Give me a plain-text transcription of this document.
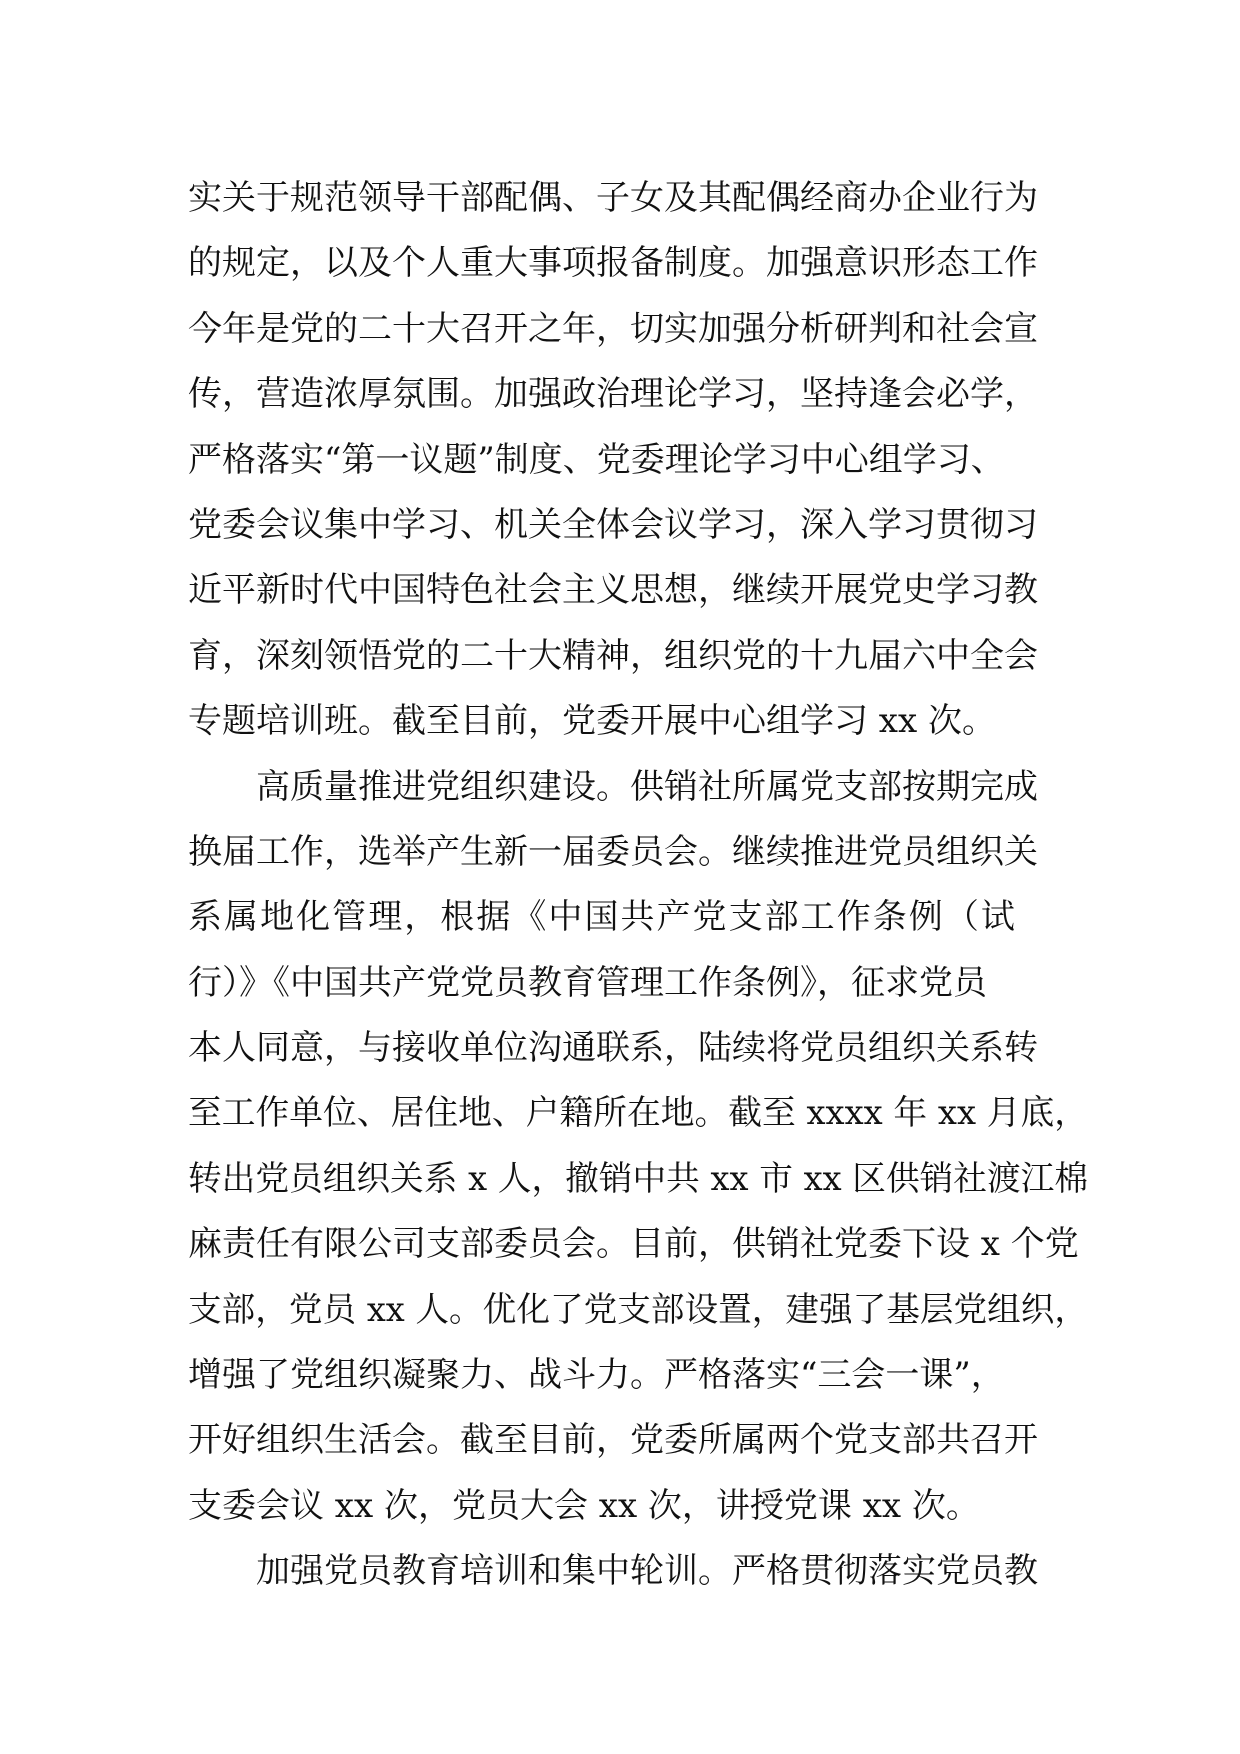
实关于规范领导干部配偶、子女及其配偶经商办企业行为
的规定，以及个人重大事项报备制度。加强意识形态工作
今年是党的二十大召开之年，切实加强分析研判和社会宣
传，营造浓厚氛围。加强政治理论学习，坚持逢会必学，
严格落实“第一议题”制度、党委理论学习中心组学习、
党委会议集中学习、机关全体会议学习，深入学习贯彻习
近平新时代中国特色社会主义思想，继续开展党史学习教
育，深刻领悟党的二十大精神，组织党的十九届六中全会
专题培训班。截至目前，党委开展中心组学习 xx 次。
高质量推进党组织建设。供销社所属党支部按期完成
换届工作，选举产生新一届委员会。继续推进党员组织关
系属地化管理，根据《中国共产党支部工作条例（试
行）》《中国共产党党员教育管理工作条例》，征求党员
本人同意，与接收单位沟通联系，陆续将党员组织关系转
至工作单位、居住地、户籍所在地。截至 xxxx 年 xx 月底，
转出党员组织关系 x 人，撤销中共 xx 市 xx 区供销社渡江棉
麻责任有限公司支部委员会。目前，供销社党委下设 x 个党
支部，党员 xx 人。优化了党支部设置，建强了基层党组织，
增强了党组织凝聚力、战斗力。严格落实“三会一课”，
开好组织生活会。截至目前，党委所属两个党支部共召开
支委会议 xx 次，党员大会 xx 次，讲授党课 xx 次。
加强党员教育培训和集中轮训。严格贯彻落实党员教
